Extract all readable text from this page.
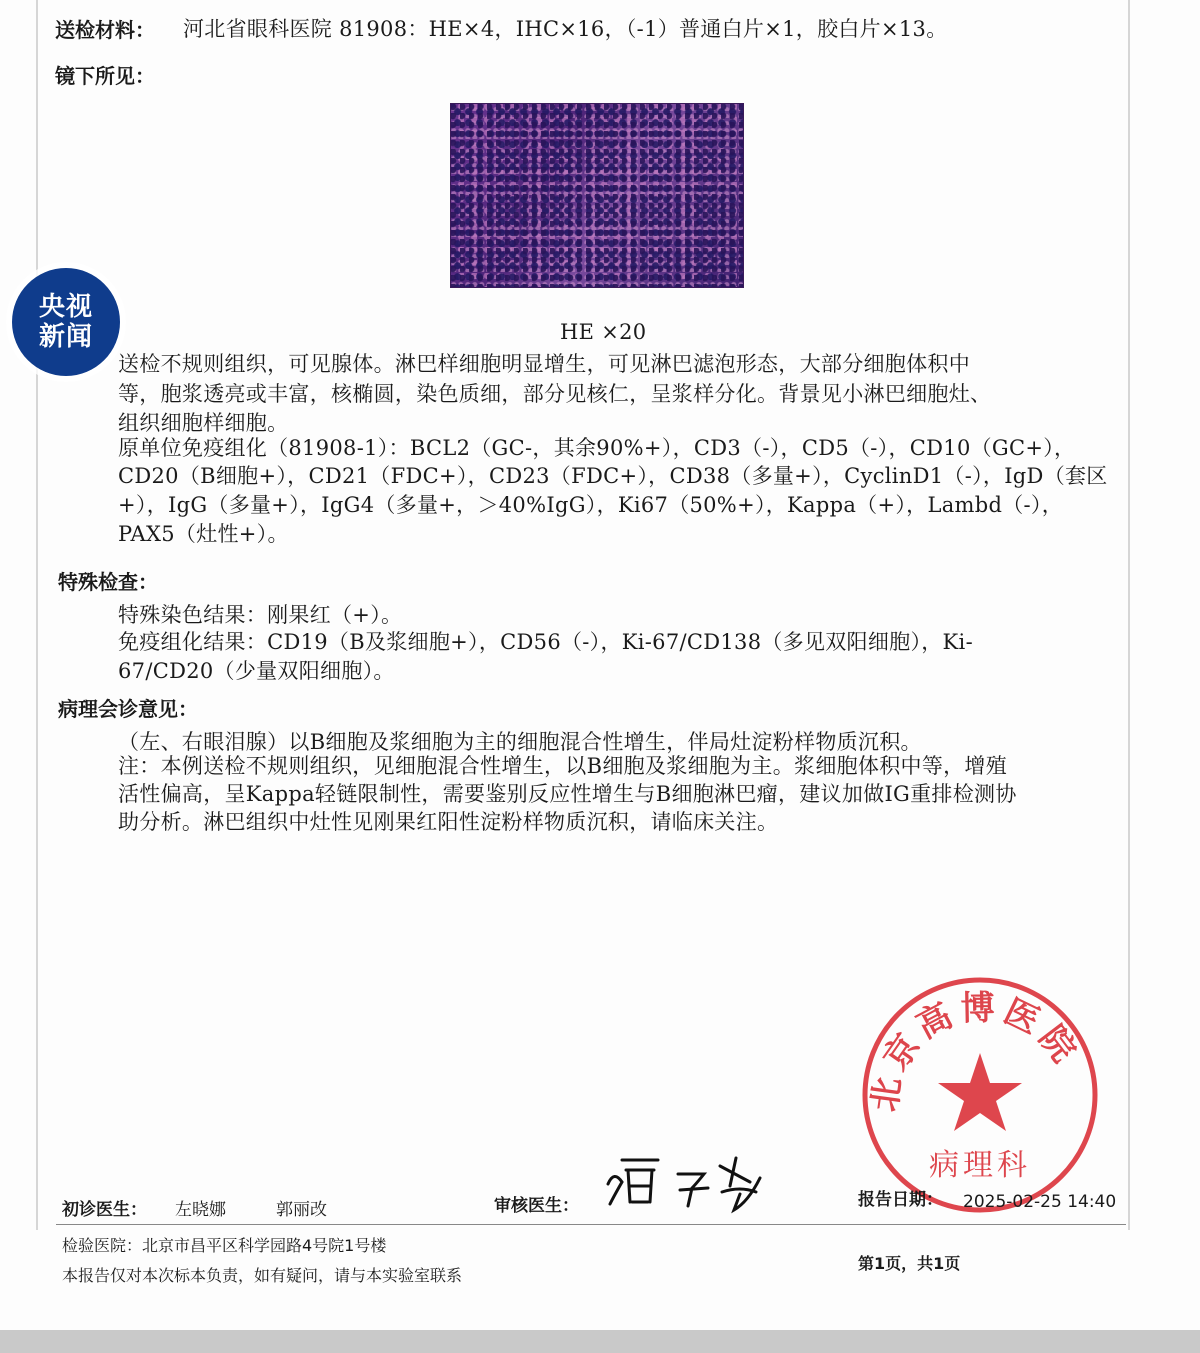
送检材料： 河北省眼科医院 81908：HE×4，IHC×16，（-1）普通白片×1，胶白片×13。
镜下所见：
HE ×20
央视
新闻
送检不规则组织，可见腺体。淋巴样细胞明显增生，可见淋巴滤泡形态，大部分细胞体积中
等，胞浆透亮或丰富，核椭圆，染色质细，部分见核仁，呈浆样分化。背景见小淋巴细胞灶、
组织细胞样细胞。
原单位免疫组化（81908-1）：BCL2（GC-，其余90%+），CD3（-），CD5（-），CD10（GC+），
CD20（B细胞+），CD21（FDC+），CD23（FDC+），CD38（多量+），CyclinD1（-），IgD（套区
+），IgG（多量+），IgG4（多量+，＞40%IgG），Ki67（50%+），Kappa（+），Lambd（-），
PAX5（灶性+）。
特殊检查：
特殊染色结果：刚果红（+）。
免疫组化结果：CD19（B及浆细胞+），CD56（-），Ki-67/CD138（多见双阳细胞），Ki-
67/CD20（少量双阳细胞）。
病理会诊意见：
（左、右眼泪腺）以B细胞及浆细胞为主的细胞混合性增生，伴局灶淀粉样物质沉积。
注：本例送检不规则组织，见细胞混合性增生，以B细胞及浆细胞为主。浆细胞体积中等，增殖
活性偏高，呈Kappa轻链限制性，需要鉴别反应性增生与B细胞淋巴瘤，建议加做IG重排检测协
助分析。淋巴组织中灶性见刚果红阳性淀粉样物质沉积，请临床关注。
北京高博医院
病理科
初诊医生： 左晓娜	郭丽改	审核医生：	报告日期： 2025-02-25 14:40
检验医院：北京市昌平区科学园路4号院1号楼
本报告仅对本次标本负责，如有疑问，请与本实验室联系
第1页，共1页
